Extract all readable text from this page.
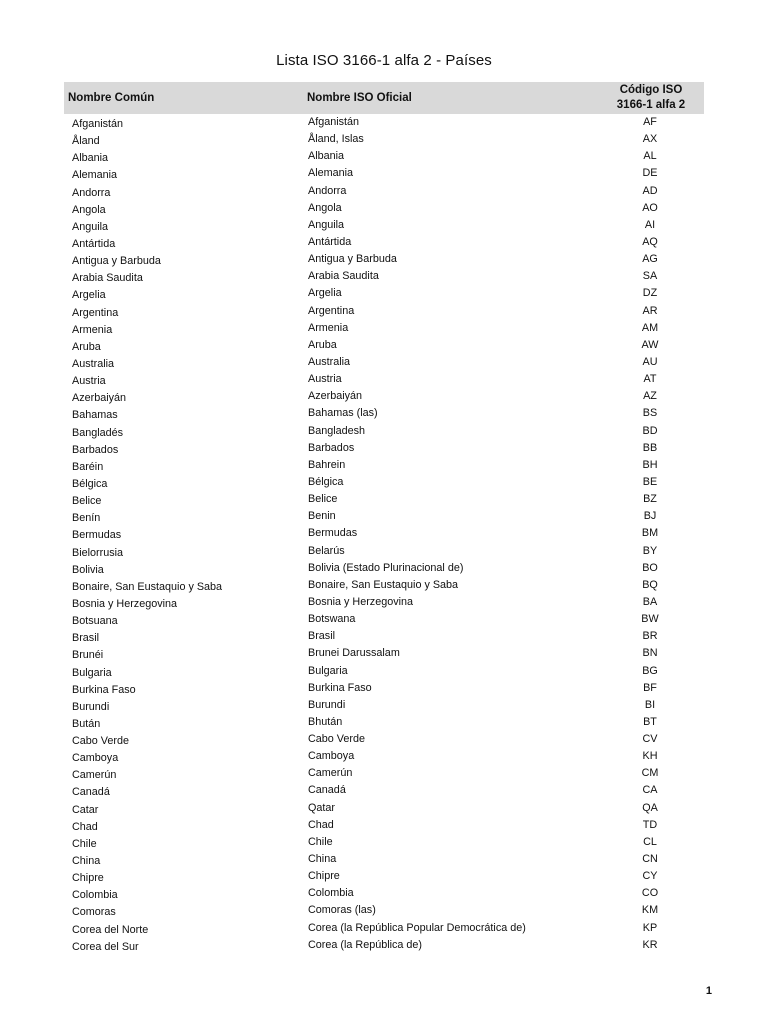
Lista ISO 3166-1 alfa 2 - Países
Nombre Común	Nombre ISO Oficial
Código ISO
3166-1 alfa 2
Afganistán	Afganistán	AF
Åland	Åland, Islas	AX
Albania	Albania	AL
Alemania	Alemania	DE
Andorra	Andorra	AD
Angola	Angola	AO
Anguila	Anguila	AI
Antártida	Antártida	AQ
Antigua y Barbuda	Antigua y Barbuda	AG
Arabia Saudita	Arabia Saudita	SA
Argelia	Argelia	DZ
Argentina	Argentina	AR
Armenia	Armenia	AM
Aruba	Aruba	AW
Australia	Australia	AU
Austria	Austria	AT
Azerbaiyán	Azerbaiyán	AZ
Bahamas	Bahamas (las)	BS
Bangladés	Bangladesh	BD
Barbados	Barbados	BB
Baréin	Bahrein	BH
Bélgica	Bélgica	BE
Belice	Belice	BZ
Benín	Benin	BJ
Bermudas	Bermudas	BM
Bielorrusia	Belarús	BY
Bolivia	Bolivia (Estado Plurinacional de)	BO
Bonaire, San Eustaquio y Saba	Bonaire, San Eustaquio y Saba	BQ
Bosnia y Herzegovina	Bosnia y Herzegovina	BA
Botsuana	Botswana	BW
Brasil	Brasil	BR
Brunéi	Brunei Darussalam	BN
Bulgaria	Bulgaria	BG
Burkina Faso	Burkina Faso	BF
Burundi	Burundi	BI
Bután	Bhután	BT
Cabo Verde	Cabo Verde	CV
Camboya	Camboya	KH
Camerún	Camerún	CM
Canadá	Canadá	CA
Catar	Qatar	QA
Chad	Chad	TD
Chile	Chile	CL
China	China	CN
Chipre	Chipre	CY
Colombia	Colombia	CO
Comoras	Comoras (las)	KM
Corea del Norte	Corea (la República Popular Democrática de)	KP
Corea del Sur	Corea (la República de)	KR
1
